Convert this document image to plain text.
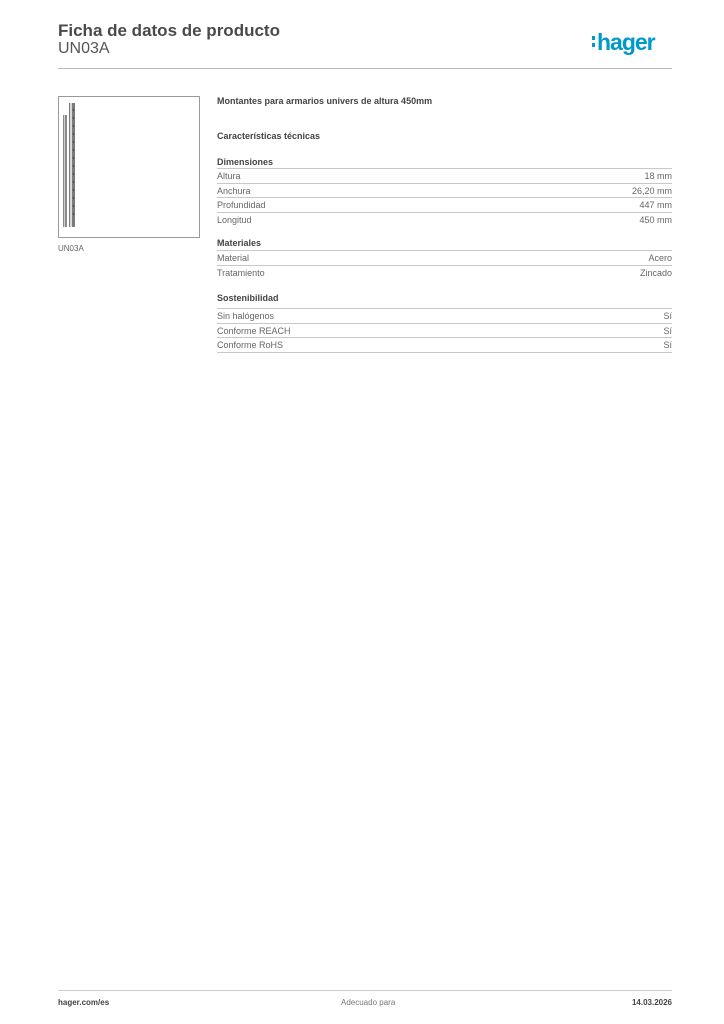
Ficha de datos de producto
UN03A	hager
UN03A
Montantes para armarios univers de altura 450mm
Características técnicas
Dimensiones
Altura	18 mm
Anchura	26,20 mm
Profundidad	447 mm
Longitud	450 mm
Materiales
Material	Acero
Tratamiento	Zincado
Sostenibilidad
Sin halógenos	Sí
Conforme REACH	Sí
Conforme RoHS	Sí
hager.com/es	Adecuado para	14.03.2026
